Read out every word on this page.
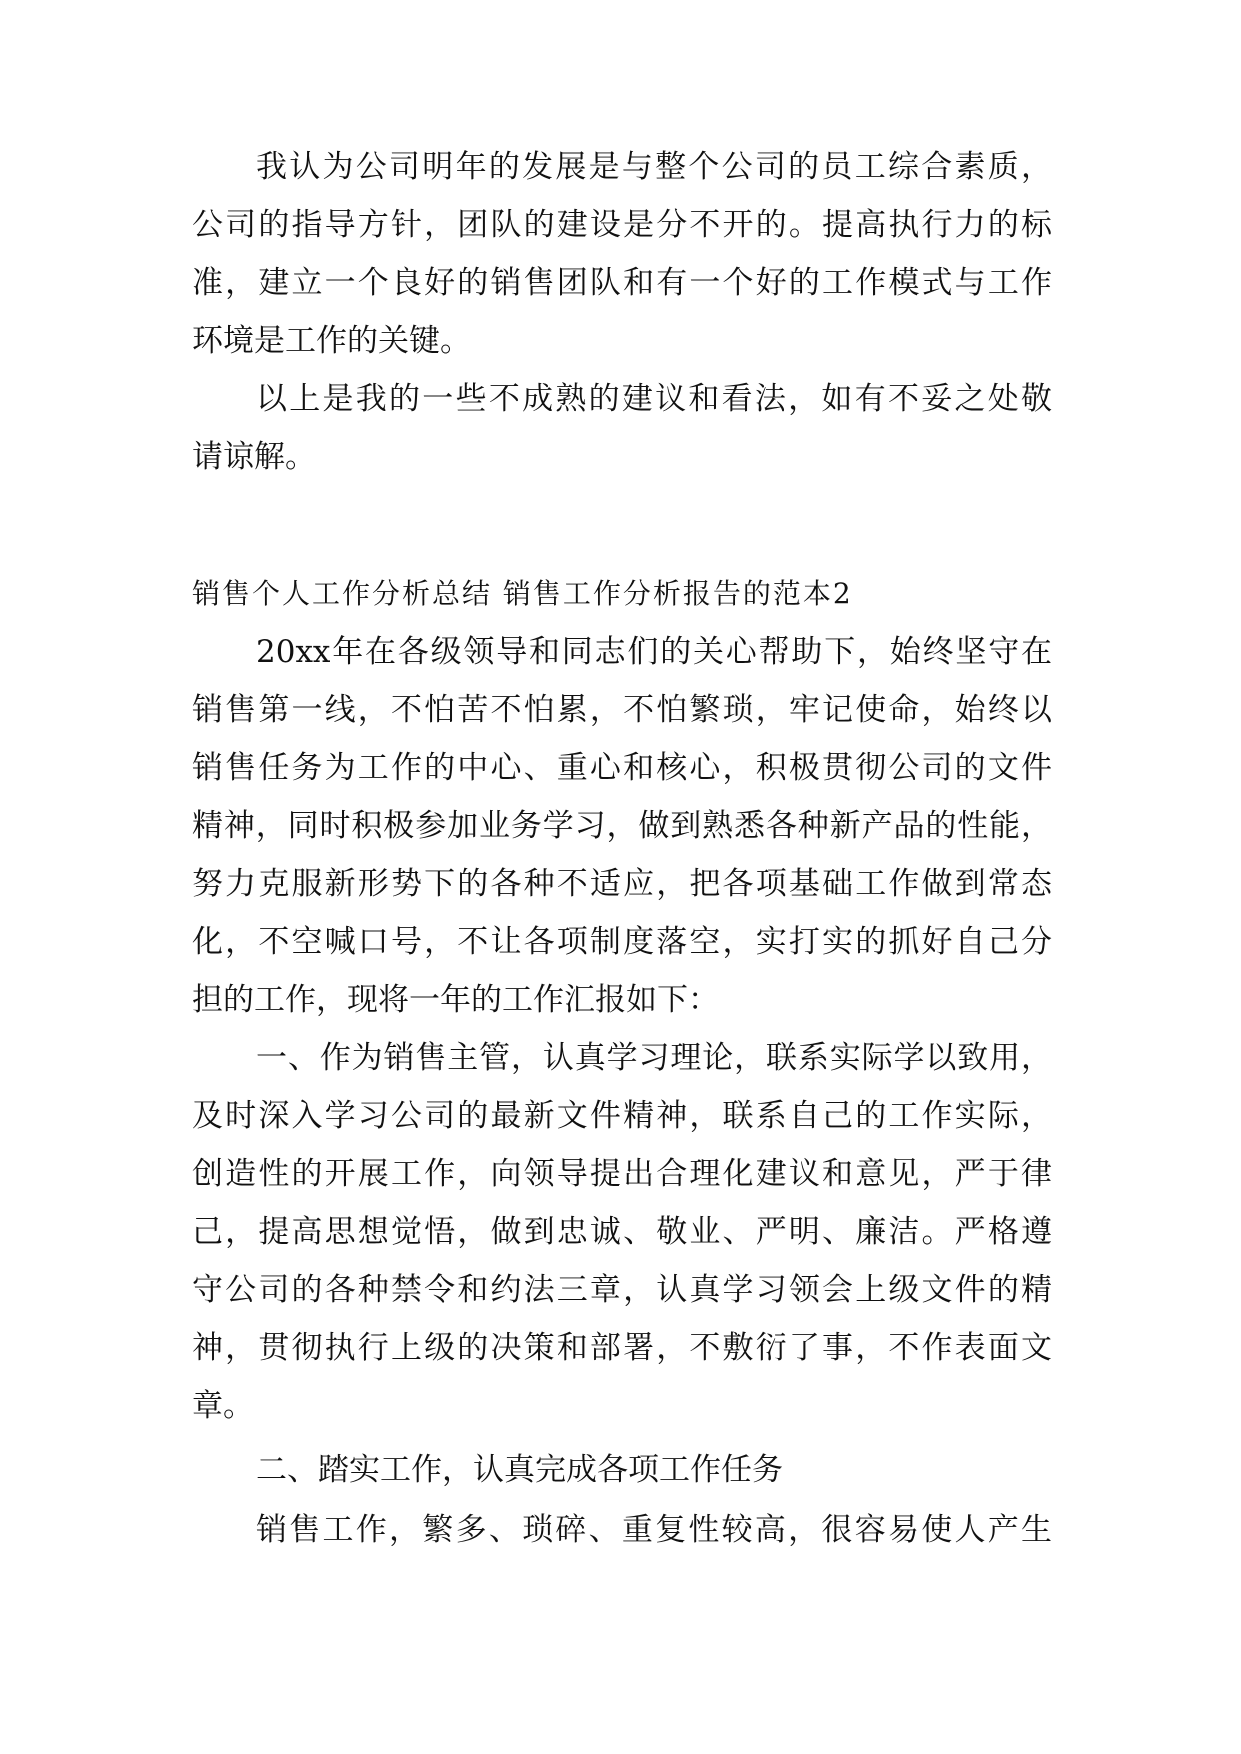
我认为公司明年的发展是与整个公司的员工综合素质，
公司的指导方针，团队的建设是分不开的。提高执行力的标
准，建立一个良好的销售团队和有一个好的工作模式与工作
环境是工作的关键。
以上是我的一些不成熟的建议和看法，如有不妥之处敬
请谅解。
销售个人工作分析总结 销售工作分析报告的范本2
20xx年在各级领导和同志们的关心帮助下，始终坚守在
销售第一线，不怕苦不怕累，不怕繁琐，牢记使命，始终以
销售任务为工作的中心、重心和核心，积极贯彻公司的文件
精神，同时积极参加业务学习，做到熟悉各种新产品的性能，
努力克服新形势下的各种不适应，把各项基础工作做到常态
化，不空喊口号，不让各项制度落空，实打实的抓好自己分
担的工作，现将一年的工作汇报如下：
一、作为销售主管，认真学习理论，联系实际学以致用，
及时深入学习公司的最新文件精神，联系自己的工作实际，
创造性的开展工作，向领导提出合理化建议和意见，严于律
己，提高思想觉悟，做到忠诚、敬业、严明、廉洁。严格遵
守公司的各种禁令和约法三章，认真学习领会上级文件的精
神，贯彻执行上级的决策和部署，不敷衍了事，不作表面文
章。
二、踏实工作，认真完成各项工作任务
销售工作，繁多、琐碎、重复性较高，很容易使人产生
